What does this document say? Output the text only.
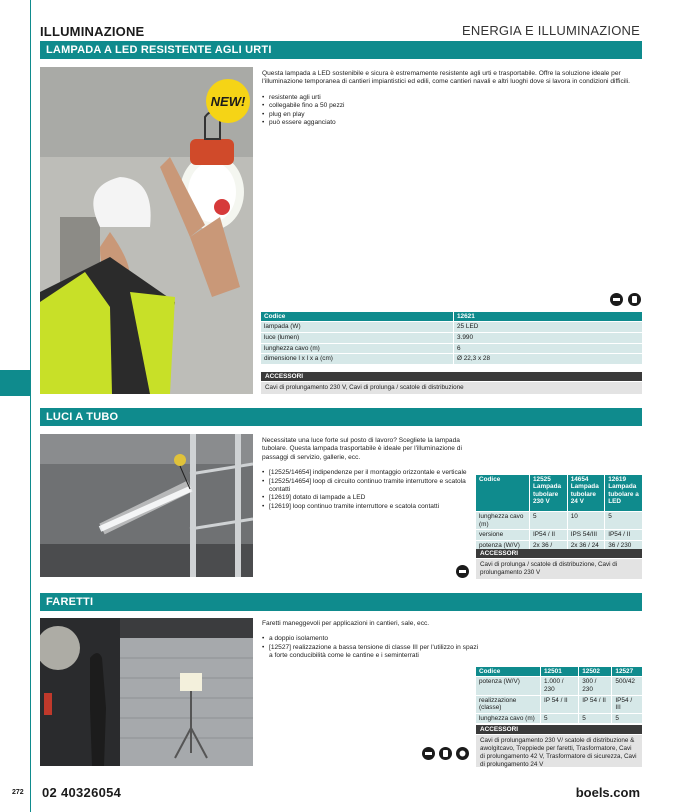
ILLUMINAZIONE	ENERGIA E ILLUMINAZIONE
LAMPADA A LED RESISTENTE AGLI URTI
NEW!
Questa lampada a LED sostenibile e sicura è estremamente resistente agli urti e trasportabile. Offre la soluzione ideale per l'illuminazione temporanea di cantieri impiantistici ed edili, come cantieri navali e altri luoghi dove si lavora in condizioni difficili.
• resistente agli urti
• collegabile fino a 50 pezzi
• plug en play
• può essere agganciato
Codice	12621
lampada (W)	25 LED
luce (lumen)	3.990
lunghezza cavo (m)	6
dimensione l x l x a (cm)	Ø 22,3 x 28
ACCESSORI
Cavi di prolungamento 230 V, Cavi di prolunga / scatole di distribuzione
LUCI A TUBO
Necessitate una luce forte sul posto di lavoro? Scegliete la lampada tubolare. Questa lampada trasportabile è ideale per l'illuminazione di passaggi di servizio, gallerie, ecc.
• [12525/14654] indipendenze per il montaggio orizzontale e verticale
• [12525/14654] loop di circuito continuo tramite interruttore e scatola contatti
• [12619] dotato di lampade a LED
• [12619] loop continuo tramite interruttore e scatola contatti
Codice	12525 Lampada tubolare 230 V	14654 Lampada tubolare 24 V	12619 Lampada tubolare a LED
lunghezza cavo (m)	5	10	5
versione	IP54 / II	IPS 54/III	IP54 / II
potenza (W/V)	2x 36 /	2x 36 / 24	36 / 230
ACCESSORI
Cavi di prolunga / scatole di distribuzione, Cavi di prolungamento 230 V
FARETTI
Faretti maneggevoli per applicazioni in cantieri, sale, ecc.
• a doppio isolamento
• [12527] realizzazione a bassa tensione di classe III per l'utilizzo in spazi a forte conducibilità come le cantine e i seminterrati
Codice	12501	12502	12527
potenza (W/V)	1.000 / 230	300 / 230	500/42
realizzazione (classe)	IP 54 / II	IP 54 / II	IP54 / III
lunghezza cavo (m)	5	5	5
ACCESSORI
Cavi di prolungamento 230 V/ scatole di distribuzione & awolgitcavo, Treppiede per faretti, Trasformatore, Cavi di prolungamento 42 V, Trasformatore di sicurezza, Cavi di prolungamento 24 V
272 02 40326054	boels.com
